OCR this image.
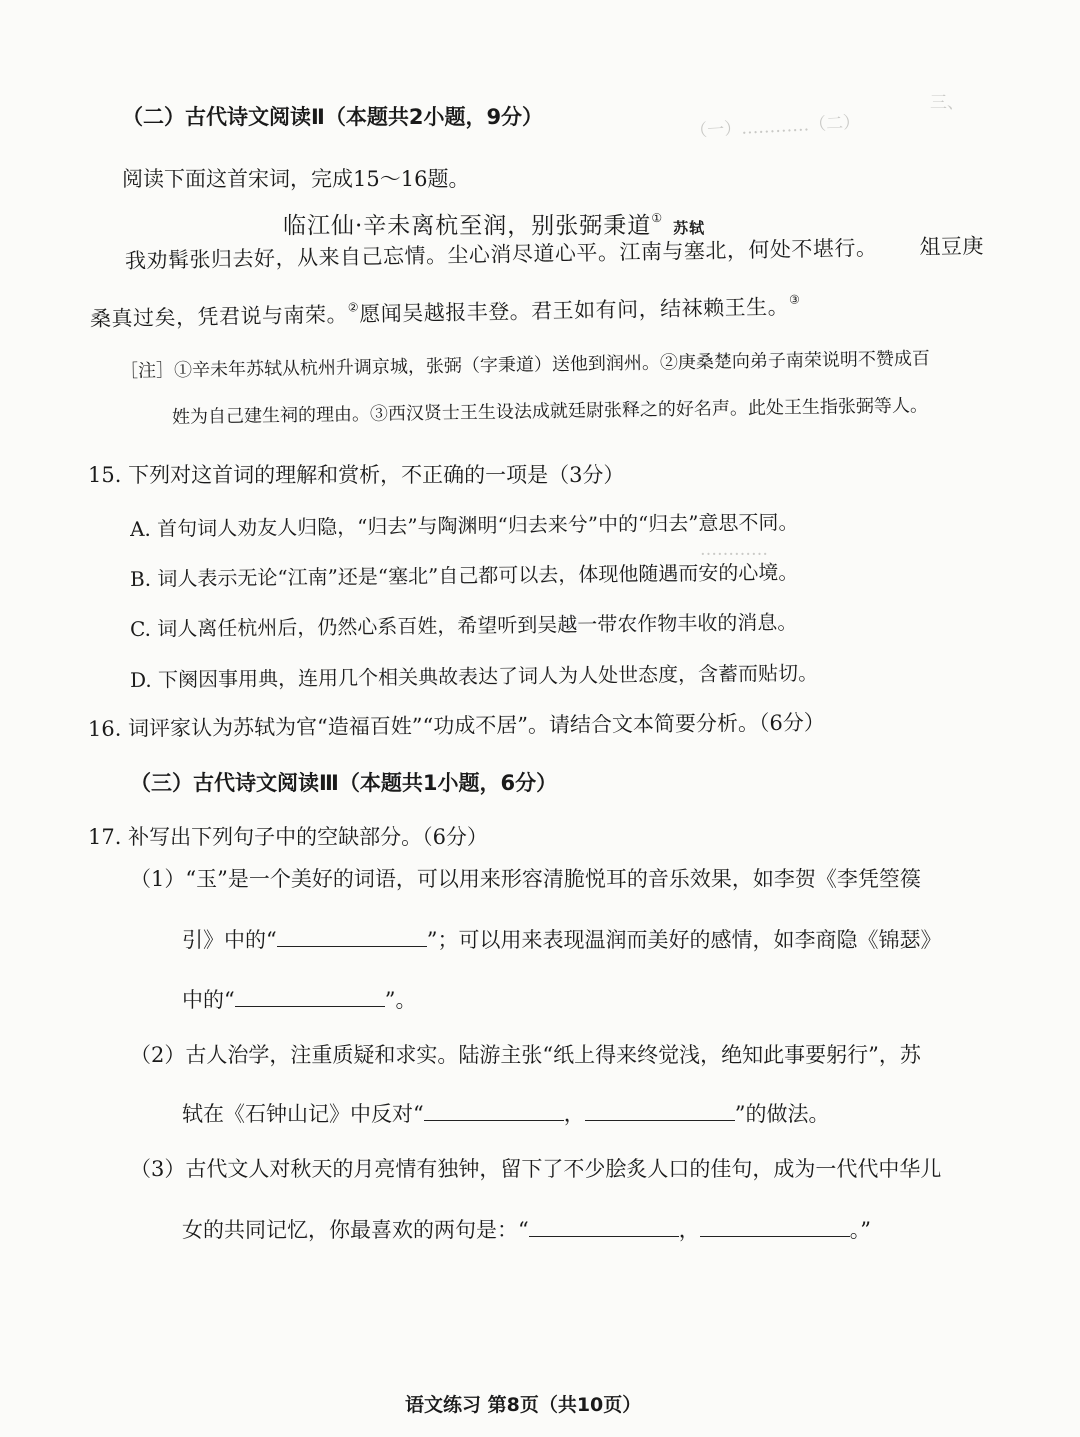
三、
（一）…………（二）
…………
（二）古代诗文阅读Ⅱ（本题共2小题，9分）
阅读下面这首宋词，完成15～16题。
临江仙·辛未离杭至润，别张弼秉道①苏轼
我劝髯张归去好，从来自己忘情。尘心消尽道心平。江南与塞北，何处不堪行。 俎豆庚
桑真过矣，凭君说与南荣。②愿闻吴越报丰登。君王如有问，结袜赖王生。③
［注］①辛未年苏轼从杭州升调京城，张弼（字秉道）送他到润州。②庚桑楚向弟子南荣说明不赞成百
姓为自己建生祠的理由。③西汉贤士王生设法成就廷尉张释之的好名声。此处王生指张弼等人。
15. 下列对这首词的理解和赏析，不正确的一项是（3分）
A. 首句词人劝友人归隐，“归去”与陶渊明“归去来兮”中的“归去”意思不同。
B. 词人表示无论“江南”还是“塞北”自己都可以去，体现他随遇而安的心境。
C. 词人离任杭州后，仍然心系百姓，希望听到吴越一带农作物丰收的消息。
D. 下阕因事用典，连用几个相关典故表达了词人为人处世态度，含蓄而贴切。
16. 词评家认为苏轼为官“造福百姓”“功成不居”。请结合文本简要分析。（6分）
（三）古代诗文阅读Ⅲ（本题共1小题，6分）
17. 补写出下列句子中的空缺部分。（6分）
（1）“玉”是一个美好的词语，可以用来形容清脆悦耳的音乐效果，如李贺《李凭箜篌
引》中的“	”；可以用来表现温润而美好的感情，如李商隐《锦瑟》
中的“	”。
（2）古人治学，注重质疑和求实。陆游主张“纸上得来终觉浅，绝知此事要躬行”，苏
轼在《石钟山记》中反对“	，	”的做法。
（3）古代文人对秋天的月亮情有独钟，留下了不少脍炙人口的佳句，成为一代代中华儿
女的共同记忆，你最喜欢的两句是：“	，	。”
语文练习 第8页（共10页）
